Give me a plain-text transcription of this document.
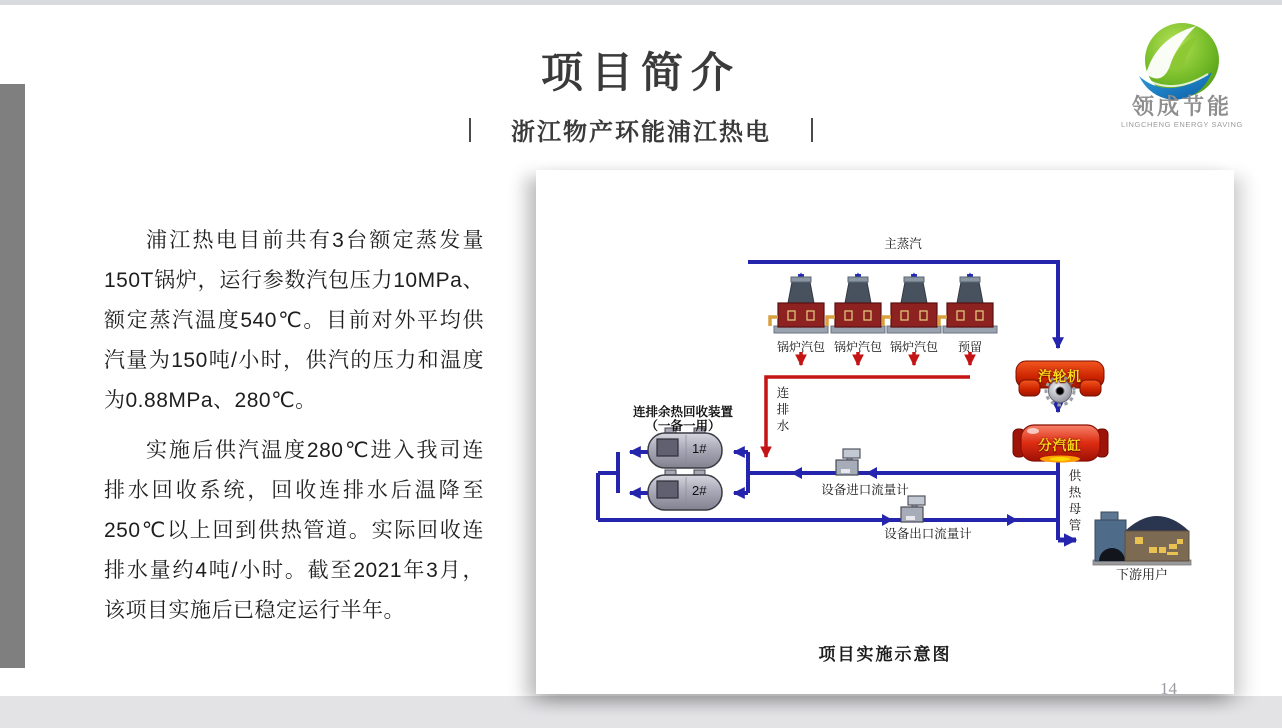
项目简介
浙江物产环能浦江热电
领成节能
LINGCHENG ENERGY SAVING

浦江热电目前共有3台额定蒸发量150T锅炉，运行参数汽包压力10MPa、额定蒸汽温度540℃。目前对外平均供汽量为150吨/小时，供汽的压力和温度为0.88MPa、280℃。

实施后供汽温度280℃进入我司连排水回收系统，回收连排水后温降至250℃以上回到供热管道。实际回收连排水量约4吨/小时。截至2021年3月，该项目实施后已稳定运行半年。

主蒸汽
锅炉汽包 锅炉汽包 锅炉汽包 预留
连排水
连排余热回收装置
（一备一用）
1#
2#	设备进口流量计
设备出口流量计
汽轮机
分汽缸
供热母管
下游用户
项目实施示意图
14
